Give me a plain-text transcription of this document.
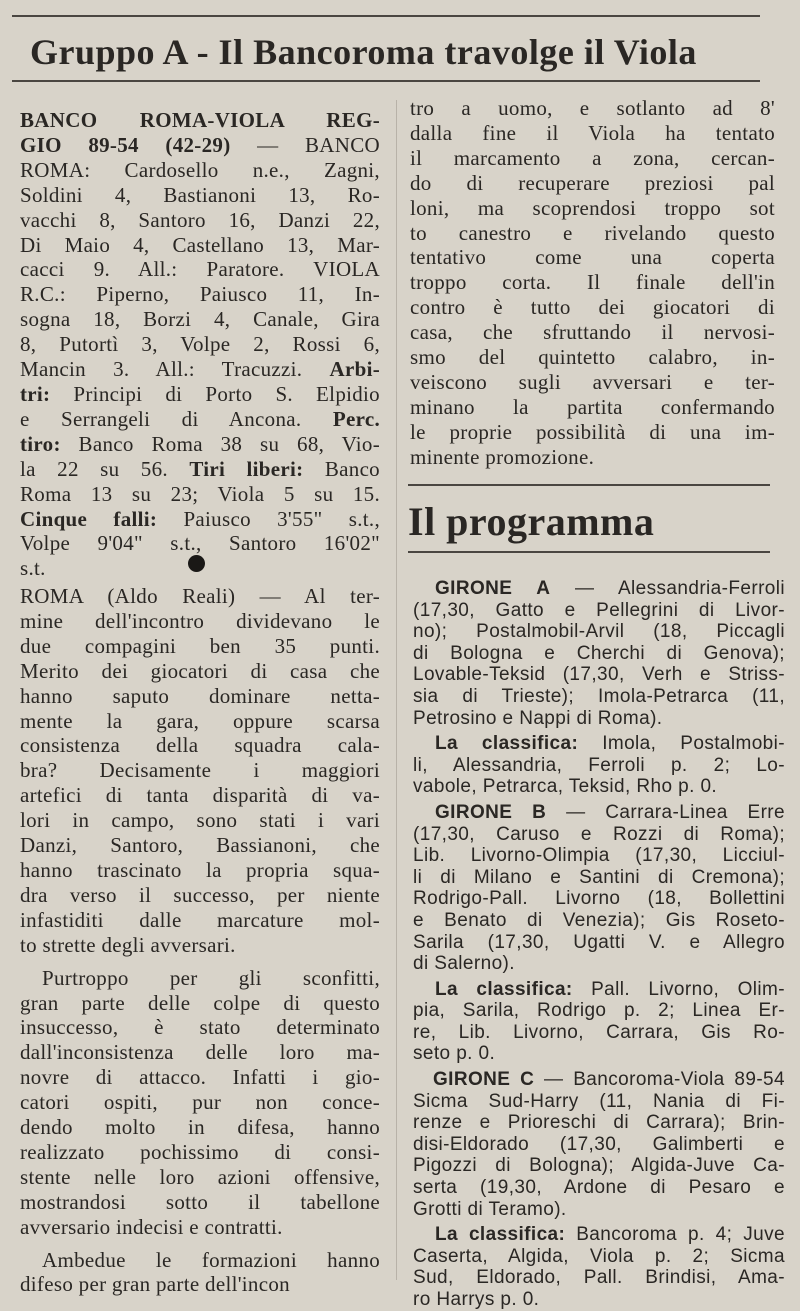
Gruppo A - Il Bancoroma travolge il Viola

BANCO ROMA-VIOLA REG-

GIO 89-54 (42-29) — BANCO

ROMA: Cardosello n.e., Zagni,

Soldini 4, Bastianoni 13, Ro-

vacchi 8, Santoro 16, Danzi 22,

Di Maio 4, Castellano 13, Mar-

cacci 9. All.: Paratore. VIOLA

R.C.: Piperno, Paiusco 11, In-

sogna 18, Borzi 4, Canale, Gira

8, Putortì 3, Volpe 2, Rossi 6,

Mancin 3. All.: Tracuzzi. Arbi-

tri: Principi di Porto S. Elpidio

e Serrangeli di Ancona. Perc.

tiro: Banco Roma 38 su 68, Vio-

la 22 su 56. Tiri liberi: Banco

Roma 13 su 23; Viola 5 su 15.

Cinque falli: Paiusco 3'55" s.t.,

Volpe 9'04" s.t., Santoro 16'02"

s.t.

ROMA (Aldo Reali) — Al ter-

mine dell'incontro dividevano le

due compagini ben 35 punti.

Merito dei giocatori di casa che

hanno saputo dominare netta-

mente la gara, oppure scarsa

consistenza della squadra cala-

bra? Decisamente i maggiori

artefici di tanta disparità di va-

lori in campo, sono stati i vari

Danzi, Santoro, Bassianoni, che

hanno trascinato la propria squa-

dra verso il successo, per niente

infastiditi dalle marcature mol-

to strette degli avversari.

Purtroppo per gli sconfitti,

gran parte delle colpe di questo

insuccesso, è stato determinato

dall'inconsistenza delle loro ma-

novre di attacco. Infatti i gio-

catori ospiti, pur non conce-

dendo molto in difesa, hanno

realizzato pochissimo di consi-

stente nelle loro azioni offensive,

mostrandosi sotto il tabellone

avversario indecisi e contratti.

Ambedue le formazioni hanno

difeso per gran parte dell'incon

tro a uomo, e sotlanto ad 8'

dalla fine il Viola ha tentato

il marcamento a zona, cercan-

do di recuperare preziosi pal

loni, ma scoprendosi troppo sot

to canestro e rivelando questo

tentativo come una coperta

troppo corta. Il finale dell'in

contro è tutto dei giocatori di

casa, che sfruttando il nervosi-

smo del quintetto calabro, in-

veiscono sugli avversari e ter-

minano la partita confermando

le proprie possibilità di una im-

minente promozione.

Il programma

GIRONE A — Alessandria-Ferroli

(17,30, Gatto e Pellegrini di Livor-

no); Postalmobil-Arvil (18, Piccagli

di Bologna e Cherchi di Genova);

Lovable-Teksid (17,30, Verh e Striss-

sia di Trieste); Imola-Petrarca (11,

Petrosino e Nappi di Roma).

La classifica: Imola, Postalmobi-

li, Alessandria, Ferroli p. 2; Lo-

vabole, Petrarca, Teksid, Rho p. 0.

GIRONE B — Carrara-Linea Erre

(17,30, Caruso e Rozzi di Roma);

Lib. Livorno-Olimpia (17,30, Licciul-

li di Milano e Santini di Cremona);

Rodrigo-Pall. Livorno (18, Bollettini

e Benato di Venezia); Gis Roseto-

Sarila (17,30, Ugatti V. e Allegro

di Salerno).

La classifica: Pall. Livorno, Olim-

pia, Sarila, Rodrigo p. 2; Linea Er-

re, Lib. Livorno, Carrara, Gis Ro-

seto p. 0.

GIRONE C — Bancoroma-Viola 89-54

Sicma Sud-Harry (11, Nania di Fi-

renze e Prioreschi di Carrara); Brin-

disi-Eldorado (17,30, Galimberti e

Pigozzi di Bologna); Algida-Juve Ca-

serta (19,30, Ardone di Pesaro e

Grotti di Teramo).

La classifica: Bancoroma p. 4; Juve

Caserta, Algida, Viola p. 2; Sicma

Sud, Eldorado, Pall. Brindisi, Ama-

ro Harrys p. 0.
